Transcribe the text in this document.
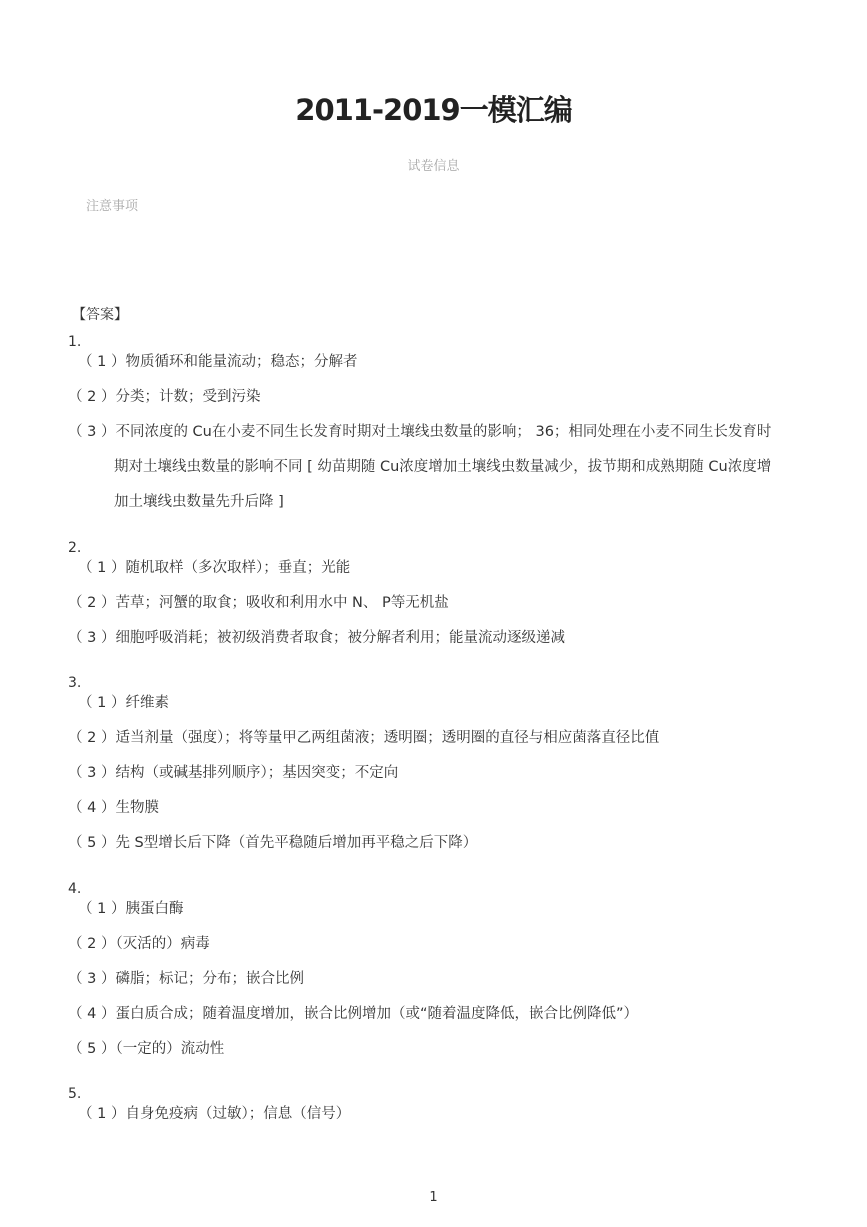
2011-2019一模汇编
试卷信息
注意事项
【答案】
1.
（ 1 ）物质循环和能量流动；稳态；分解者
（ 2 ）分类；计数；受到污染
（ 3 ）不同浓度的 Cu在小麦不同生长发育时期对土壤线虫数量的影响； 36；相同处理在小麦不同生长发育时
期对土壤线虫数量的影响不同 [ 幼苗期随 Cu浓度增加土壤线虫数量减少，拔节期和成熟期随 Cu浓度增
加土壤线虫数量先升后降 ]
2.
（ 1 ）随机取样（多次取样）；垂直；光能
（ 2 ）苦草；河蟹的取食；吸收和利用水中 N、 P等无机盐
（ 3 ）细胞呼吸消耗；被初级消费者取食；被分解者利用；能量流动逐级递减
3.
（ 1 ）纤维素
（ 2 ）适当剂量（强度）；将等量甲乙两组菌液；透明圈；透明圈的直径与相应菌落直径比值
（ 3 ）结构（或碱基排列顺序）；基因突变；不定向
（ 4 ）生物膜
（ 5 ）先 S型增长后下降（首先平稳随后增加再平稳之后下降）
4.
（ 1 ）胰蛋白酶
（ 2 ）（灭活的）病毒
（ 3 ）磷脂；标记；分布；嵌合比例
（ 4 ）蛋白质合成；随着温度增加，嵌合比例增加（或“随着温度降低，嵌合比例降低”）
（ 5 ）（一定的）流动性
5.
（ 1 ）自身免疫病（过敏）；信息（信号）
1
